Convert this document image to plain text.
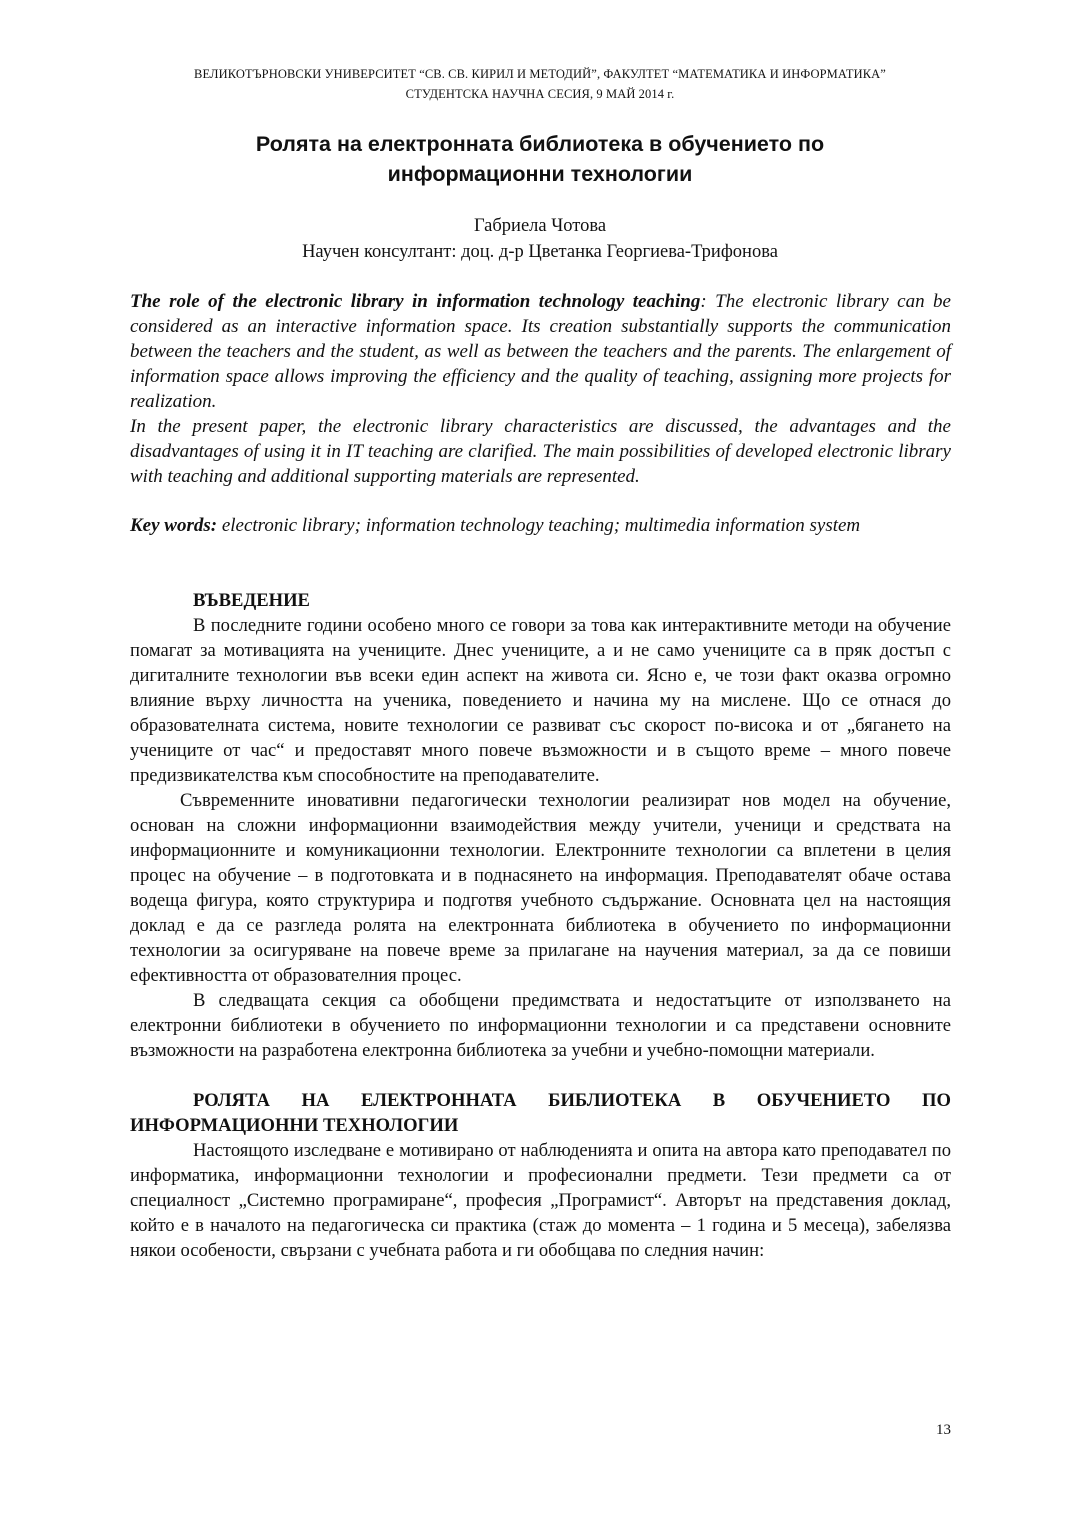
ВЕЛИКОТЪРНОВСКИ УНИВЕРСИТЕТ “СВ. СВ. КИРИЛ И МЕТОДИЙ”, ФАКУЛТЕТ “МАТЕМАТИКА И ИНФОРМАТИКА”
СТУДЕНТСКА НАУЧНА СЕСИЯ, 9 МАЙ 2014 г.
Ролята на електронната библиотека в обучението по
информационни технологии
Габриела Чотова
Научен консултант: доц. д-р Цветанка Георгиева-Трифонова

The role of the electronic library in information technology teaching: The electronic library can be considered as an interactive information space. Its creation substantially supports the communication between the teachers and the student, as well as between the teachers and the parents. The enlargement of information space allows improving the efficiency and the quality of teaching, assigning more projects for realization.

In the present paper, the electronic library characteristics are discussed, the advantages and the disadvantages of using it in IT teaching are clarified. The main possibilities of developed electronic library with teaching and additional supporting materials are represented.

Key words: electronic library; information technology teaching; multimedia information system

ВЪВЕДЕНИЕ

В последните години особено много се говори за това как интерактивните методи на обучение помагат за мотивацията на учениците. Днес учениците, а и не само учениците са в пряк достъп с дигиталните технологии във всеки един аспект на живота си. Ясно е, че този факт оказва огромно влияние върху личността на ученика, поведението и начина му на мислене. Що се отнася до образователната система, новите технологии се развиват със скорост по-висока и от „бягането на учениците от час“ и предоставят много повече възможности и в същото време – много повече предизвикателства към способностите на преподавателите.

Съвременните иновативни педагогически технологии реализират нов модел на обучение, основан на сложни информационни взаимодействия между учители, ученици и средствата на информационните и комуникационни технологии. Електронните технологии са вплетени в целия процес на обучение – в подготовката и в поднасянето на информация. Преподавателят обаче остава водеща фигура, която структурира и подготвя учебното съдържание. Основната цел на настоящия доклад е да се разгледа ролята на електронната библиотека в обучението по информационни технологии за осигуряване на повече време за прилагане на научения материал, за да се повиши ефективността от образователния процес.

В следващата секция са обобщени предимствата и недостатъците от използването на електронни библиотеки в обучението по информационни технологии и са представени основните възможности на разработена електронна библиотека за учебни и учебно-помощни материали.

РОЛЯТА НА ЕЛЕКТРОННАТА БИБЛИОТЕКА В ОБУЧЕНИЕТО ПО ИНФОРМАЦИОННИ ТЕХНОЛОГИИ

Настоящото изследване е мотивирано от наблюденията и опита на автора като преподавател по информатика, информационни технологии и професионални предмети. Тези предмети са от специалност „Системно програмиране“, професия „Програмист“. Авторът на представения доклад, който е в началото на педагогическа си практика (стаж до момента – 1 година и 5 месеца), забелязва някои особености, свързани с учебната работа и ги обобщава по следния начин:

13
